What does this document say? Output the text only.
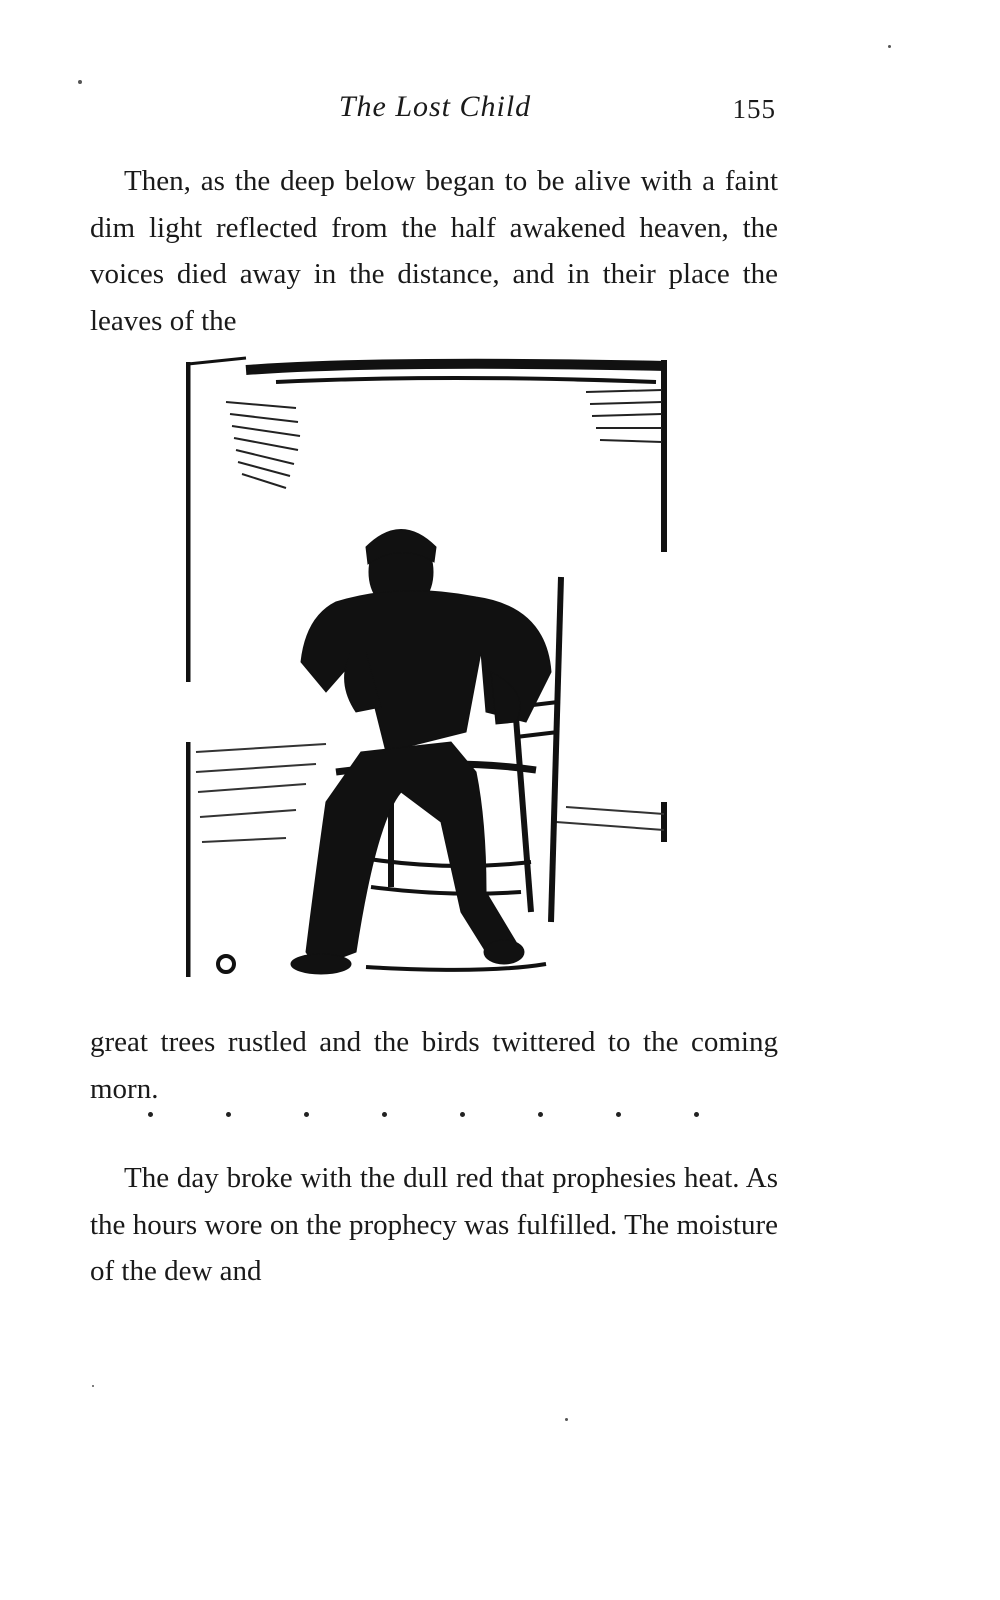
The Lost Child	155

Then, as the deep below began to be alive with a faint dim light reflected from the half awakened heaven, the voices died away in the distance, and in their place the leaves of the

great trees rustled and the birds twittered to the coming morn.

The day broke with the dull red that prophesies heat. As the hours wore on the prophecy was fulfilled. The moisture of the dew and
